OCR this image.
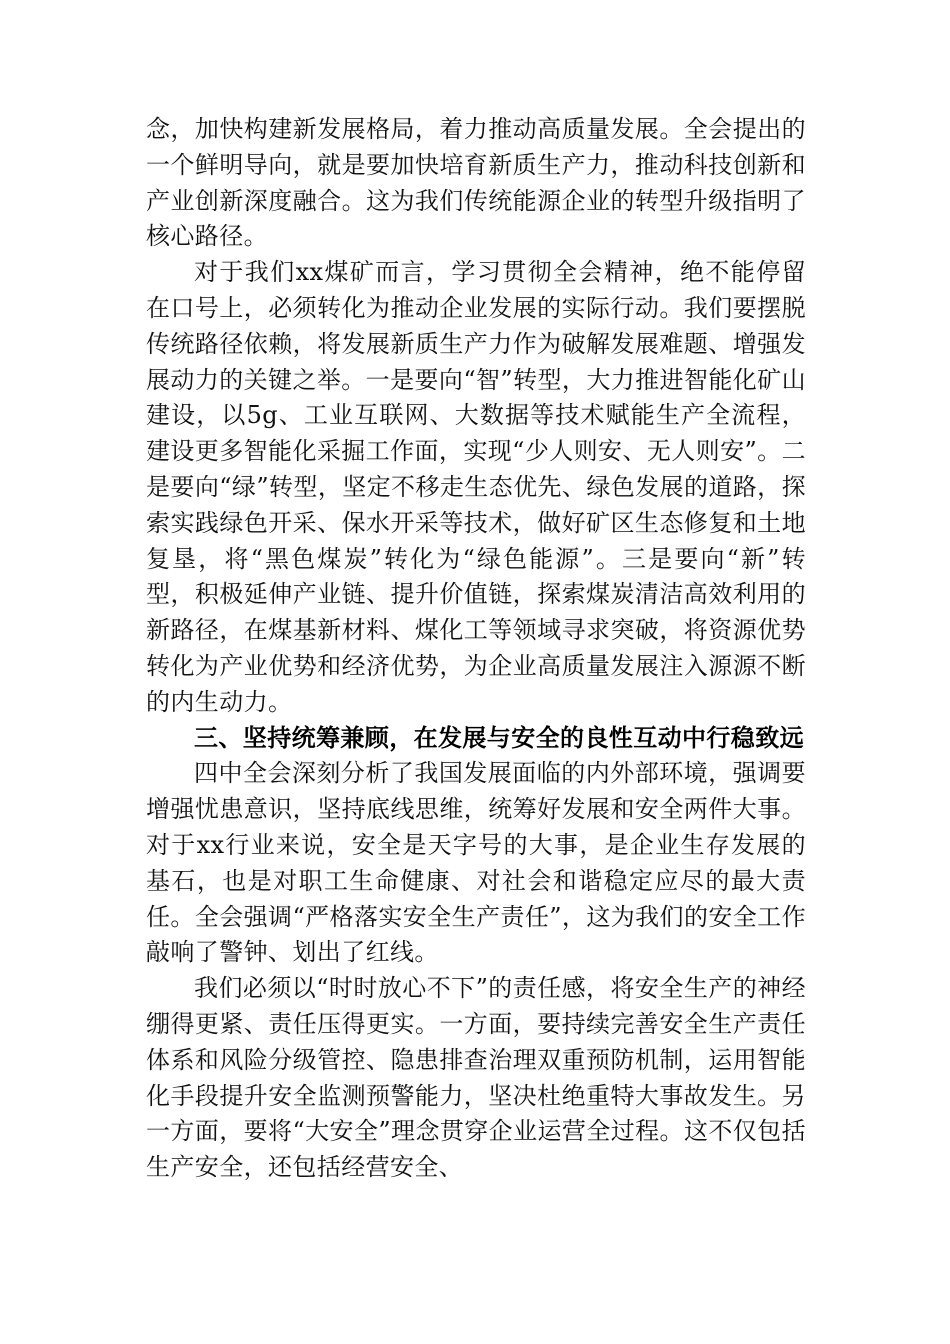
念，加快构建新发展格局，着力推动高质量发展。全会提出的一个鲜明导向，就是要加快培育新质生产力，推动科技创新和产业创新深度融合。这为我们传统能源企业的转型升级指明了核心路径。

对于我们xx煤矿而言，学习贯彻全会精神，绝不能停留在口号上，必须转化为推动企业发展的实际行动。我们要摆脱传统路径依赖，将发展新质生产力作为破解发展难题、增强发展动力的关键之举。一是要向“智”转型，大力推进智能化矿山建设，以5g、工业互联网、大数据等技术赋能生产全流程，建设更多智能化采掘工作面，实现“少人则安、无人则安”。二是要向“绿”转型，坚定不移走生态优先、绿色发展的道路，探索实践绿色开采、保水开采等技术，做好矿区生态修复和土地复垦，将“黑色煤炭”转化为“绿色能源”。三是要向“新”转型，积极延伸产业链、提升价值链，探索煤炭清洁高效利用的新路径，在煤基新材料、煤化工等领域寻求突破，将资源优势转化为产业优势和经济优势，为企业高质量发展注入源源不断的内生动力。

三、坚持统筹兼顾，在发展与安全的良性互动中行稳致远

四中全会深刻分析了我国发展面临的内外部环境，强调要增强忧患意识，坚持底线思维，统筹好发展和安全两件大事。对于xx行业来说，安全是天字号的大事，是企业生存发展的基石，也是对职工生命健康、对社会和谐稳定应尽的最大责任。全会强调“严格落实安全生产责任”，这为我们的安全工作敲响了警钟、划出了红线。

我们必须以“时时放心不下”的责任感，将安全生产的神经绷得更紧、责任压得更实。一方面，要持续完善安全生产责任体系和风险分级管控、隐患排查治理双重预防机制，运用智能化手段提升安全监测预警能力，坚决杜绝重特大事故发生。另一方面，要将“大安全”理念贯穿企业运营全过程。这不仅包括生产安全，还包括经营安全、
